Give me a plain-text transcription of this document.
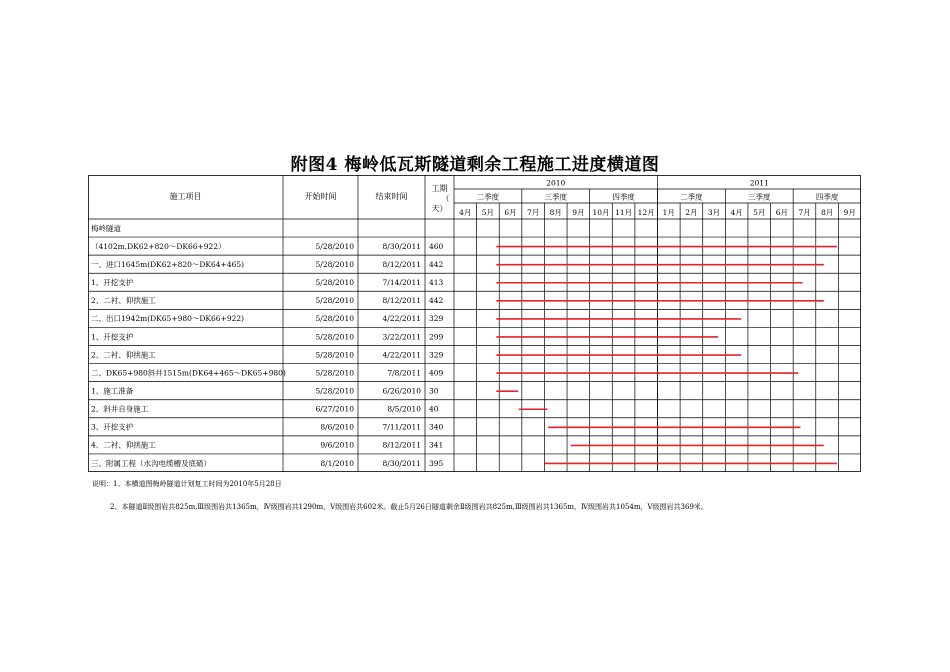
附图4 梅岭低瓦斯隧道剩余工程施工进度横道图
施工项目	开始时间	结束时间
工期
（
天）
2010	2011
二季度	三季度	四季度	二季度	三季度	四季度
4月 5月 6月 7月 8月 9月 10月 11月 12月 1月 2月 3月 4月 5月 6月 7月 8月 9月
梅岭隧道
（4102m,DK62+820～DK66+922）	5/28/2010	8/30/2011 460
一、进口1645m(DK62+820～DK64+465)	5/28/2010	8/12/2011 442
1、开挖支护	5/28/2010	7/14/2011 413
2、二衬、仰拱施工	5/28/2010	8/12/2011 442
二、出口1942m(DK65+980～DK66+922)	5/28/2010	4/22/2011 329
1、开挖支护	5/28/2010	3/22/2011 299
2、二衬、仰拱施工	5/28/2010	4/22/2011 329
二、DK65+980斜井1515m(DK64+465～DK65+980)	5/28/2010	7/8/2011 409
1、施工准备	5/28/2010	6/26/2010 30
2、斜井自身施工	6/27/2010	8/5/2010 40
3、开挖支护	8/6/2010	7/11/2011 340
4、二衬、仰拱施工	9/6/2010	8/12/2011 341
三、附属工程（水沟电缆槽及底碴）	8/1/2010	8/30/2011 395
说明：1、本横道图梅岭隧道计划复工时间为2010年5月28日
2、本隧道Ⅱ级围岩共825m,Ⅲ级围岩共1365m，Ⅳ级围岩共1290m，Ⅴ级围岩共602米。截止5月26日隧道剩余Ⅱ级围岩共825m,Ⅲ级围岩共1365m，Ⅳ级围岩共1054m，Ⅴ级围岩共369米。
